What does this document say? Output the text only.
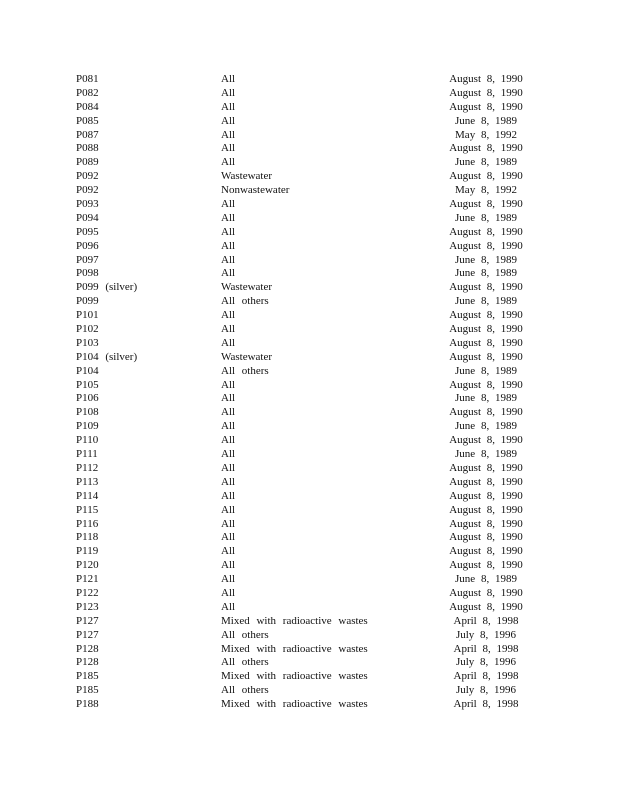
P081	All	August 8, 1990
P082	All	August 8, 1990
P084	All	August 8, 1990
P085	All	June 8, 1989
P087	All	May 8, 1992
P088	All	August 8, 1990
P089	All	June 8, 1989
P092	Wastewater	August 8, 1990
P092	Nonwastewater	May 8, 1992
P093	All	August 8, 1990
P094	All	June 8, 1989
P095	All	August 8, 1990
P096	All	August 8, 1990
P097	All	June 8, 1989
P098	All	June 8, 1989
P099 (silver)	Wastewater	August 8, 1990
P099	All others	June 8, 1989
P101	All	August 8, 1990
P102	All	August 8, 1990
P103	All	August 8, 1990
P104 (silver)	Wastewater	August 8, 1990
P104	All others	June 8, 1989
P105	All	August 8, 1990
P106	All	June 8, 1989
P108	All	August 8, 1990
P109	All	June 8, 1989
P110	All	August 8, 1990
P111	All	June 8, 1989
P112	All	August 8, 1990
P113	All	August 8, 1990
P114	All	August 8, 1990
P115	All	August 8, 1990
P116	All	August 8, 1990
P118	All	August 8, 1990
P119	All	August 8, 1990
P120	All	August 8, 1990
P121	All	June 8, 1989
P122	All	August 8, 1990
P123	All	August 8, 1990
P127	Mixed with radioactive wastes	April 8, 1998
P127	All others	July 8, 1996
P128	Mixed with radioactive wastes	April 8, 1998
P128	All others	July 8, 1996
P185	Mixed with radioactive wastes	April 8, 1998
P185	All others	July 8, 1996
P188	Mixed with radioactive wastes	April 8, 1998
